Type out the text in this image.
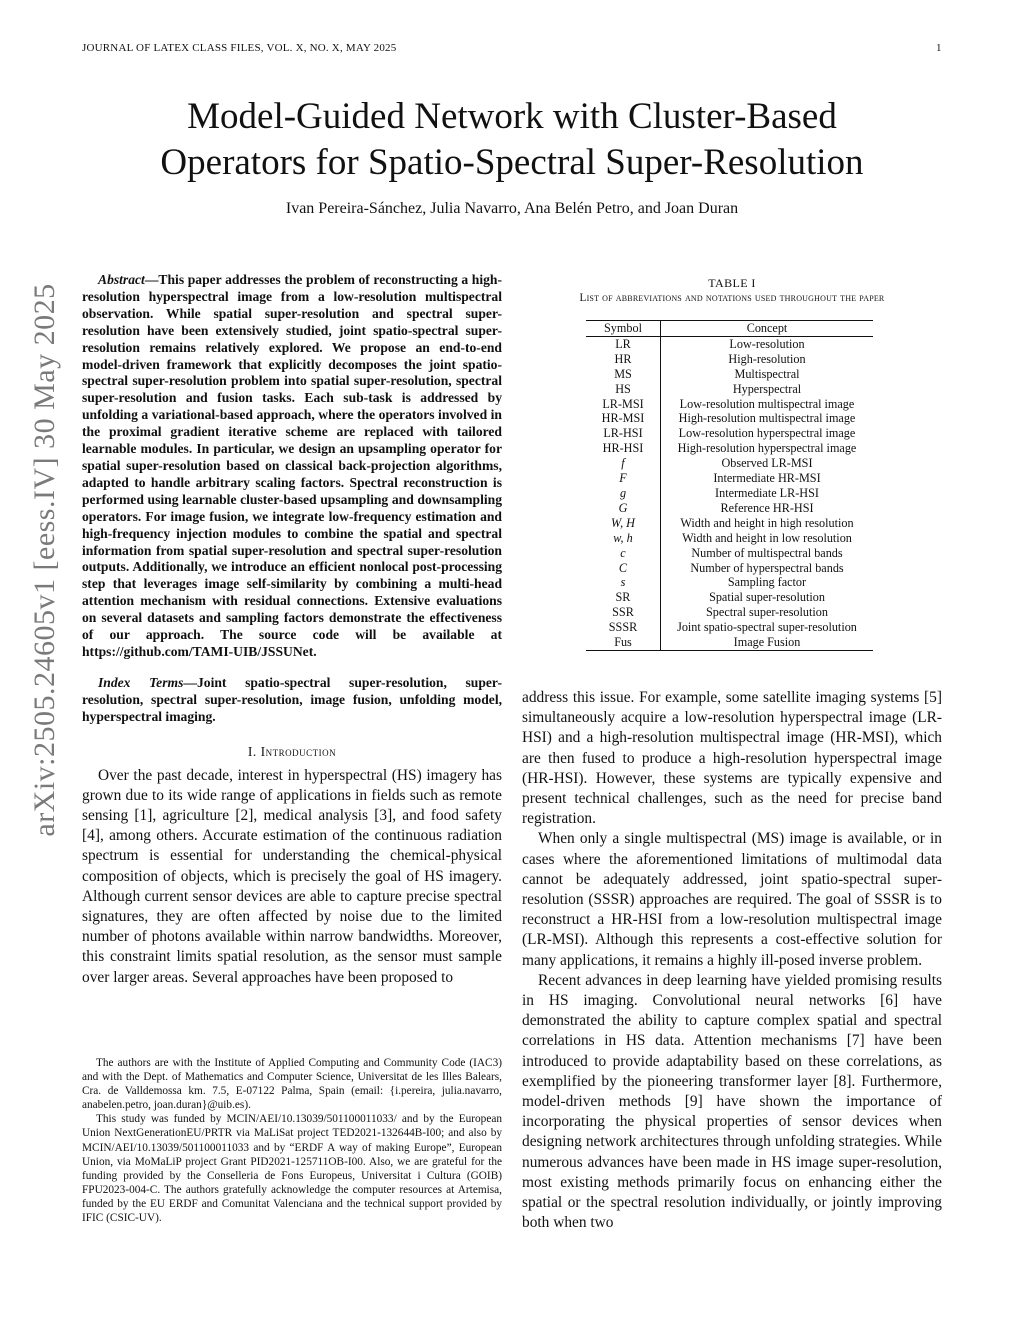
JOURNAL OF LATEX CLASS FILES, VOL. X, NO. X, MAY 2025	1
Model-Guided Network with Cluster-Based
Operators for Spatio-Spectral Super-Resolution
Ivan Pereira-Sánchez, Julia Navarro, Ana Belén Petro, and Joan Duran
arXiv:2505.24605v1 [eess.IV] 30 May 2025

Abstract—This paper addresses the problem of reconstructing a high-resolution hyperspectral image from a low-resolution multispectral observation. While spatial super-resolution and spectral super-resolution have been extensively studied, joint spatio-spectral super-resolution remains relatively explored. We propose an end-to-end model-driven framework that explicitly decomposes the joint spatio-spectral super-resolution problem into spatial super-resolution, spectral super-resolution and fusion tasks. Each sub-task is addressed by unfolding a variational-based approach, where the operators involved in the proximal gradient iterative scheme are replaced with tailored learnable modules. In particular, we design an upsampling operator for spatial super-resolution based on classical back-projection algorithms, adapted to handle arbitrary scaling factors. Spectral reconstruction is performed using learnable cluster-based upsampling and downsampling operators. For image fusion, we integrate low-frequency estimation and high-frequency injection modules to combine the spatial and spectral information from spatial super-resolution and spectral super-resolution outputs. Additionally, we introduce an efficient nonlocal post-processing step that leverages image self-similarity by combining a multi-head attention mechanism with residual connections. Extensive evaluations on several datasets and sampling factors demonstrate the effectiveness of our approach. The source code will be available at https://github.com/TAMI-UIB/JSSUNet.

Index Terms—Joint spatio-spectral super-resolution, super-resolution, spectral super-resolution, image fusion, unfolding model, hyperspectral imaging.

I. Introduction

Over the past decade, interest in hyperspectral (HS) imagery has grown due to its wide range of applications in fields such as remote sensing [1], agriculture [2], medical analysis [3], and food safety [4], among others. Accurate estimation of the continuous radiation spectrum is essential for understanding the chemical-physical composition of objects, which is precisely the goal of HS imagery. Although current sensor devices are able to capture precise spectral signatures, they are often affected by noise due to the limited number of photons available within narrow bandwidths. Moreover, this constraint limits spatial resolution, as the sensor must sample over larger areas. Several approaches have been proposed to

The authors are with the Institute of Applied Computing and Community Code (IAC3) and with the Dept. of Mathematics and Computer Science, Universitat de les Illes Balears, Cra. de Valldemossa km. 7.5, E-07122 Palma, Spain (email: {i.pereira, julia.navarro, anabelen.petro, joan.duran}@uib.es).

This study was funded by MCIN/AEI/10.13039/501100011033/ and by the European Union NextGenerationEU/PRTR via MaLiSat project TED2021-132644B-I00; and also by MCIN/AEI/10.13039/501100011033 and by “ERDF A way of making Europe”, European Union, via MoMaLiP project Grant PID2021-125711OB-I00. Also, we are grateful for the funding provided by the Conselleria de Fons Europeus, Universitat i Cultura (GOIB) FPU2023-004-C. The authors gratefully acknowledge the computer resources at Artemisa, funded by the EU ERDF and Comunitat Valenciana and the technical support provided by IFIC (CSIC-UV).

TABLE I
List of abbreviations and notations used throughout the paper
Symbol	Concept
LR	Low-resolution
HR	High-resolution
MS	Multispectral
HS	Hyperspectral
LR-MSI	Low-resolution multispectral image
HR-MSI	High-resolution multispectral image
LR-HSI	Low-resolution hyperspectral image
HR-HSI	High-resolution hyperspectral image
f	Observed LR-MSI
F	Intermediate HR-MSI
g	Intermediate LR-HSI
G	Reference HR-HSI
W, H	Width and height in high resolution
w, h	Width and height in low resolution
c	Number of multispectral bands
C	Number of hyperspectral bands
s	Sampling factor
SR	Spatial super-resolution
SSR	Spectral super-resolution
SSSR	Joint spatio-spectral super-resolution
Fus	Image Fusion

address this issue. For example, some satellite imaging systems [5] simultaneously acquire a low-resolution hyperspectral image (LR-HSI) and a high-resolution multispectral image (HR-MSI), which are then fused to produce a high-resolution hyperspectral image (HR-HSI). However, these systems are typically expensive and present technical challenges, such as the need for precise band registration.

When only a single multispectral (MS) image is available, or in cases where the aforementioned limitations of multimodal data cannot be adequately addressed, joint spatio-spectral super-resolution (SSSR) approaches are required. The goal of SSSR is to reconstruct a HR-HSI from a low-resolution multispectral image (LR-MSI). Although this represents a cost-effective solution for many applications, it remains a highly ill-posed inverse problem.

Recent advances in deep learning have yielded promising results in HS imaging. Convolutional neural networks [6] have demonstrated the ability to capture complex spatial and spectral correlations in HS data. Attention mechanisms [7] have been introduced to provide adaptability based on these correlations, as exemplified by the pioneering transformer layer [8]. Furthermore, model-driven methods [9] have shown the importance of incorporating the physical properties of sensor devices when designing network architectures through unfolding strategies. While numerous advances have been made in HS image super-resolution, most existing methods primarily focus on enhancing either the spatial or the spectral resolution individually, or jointly improving both when two
